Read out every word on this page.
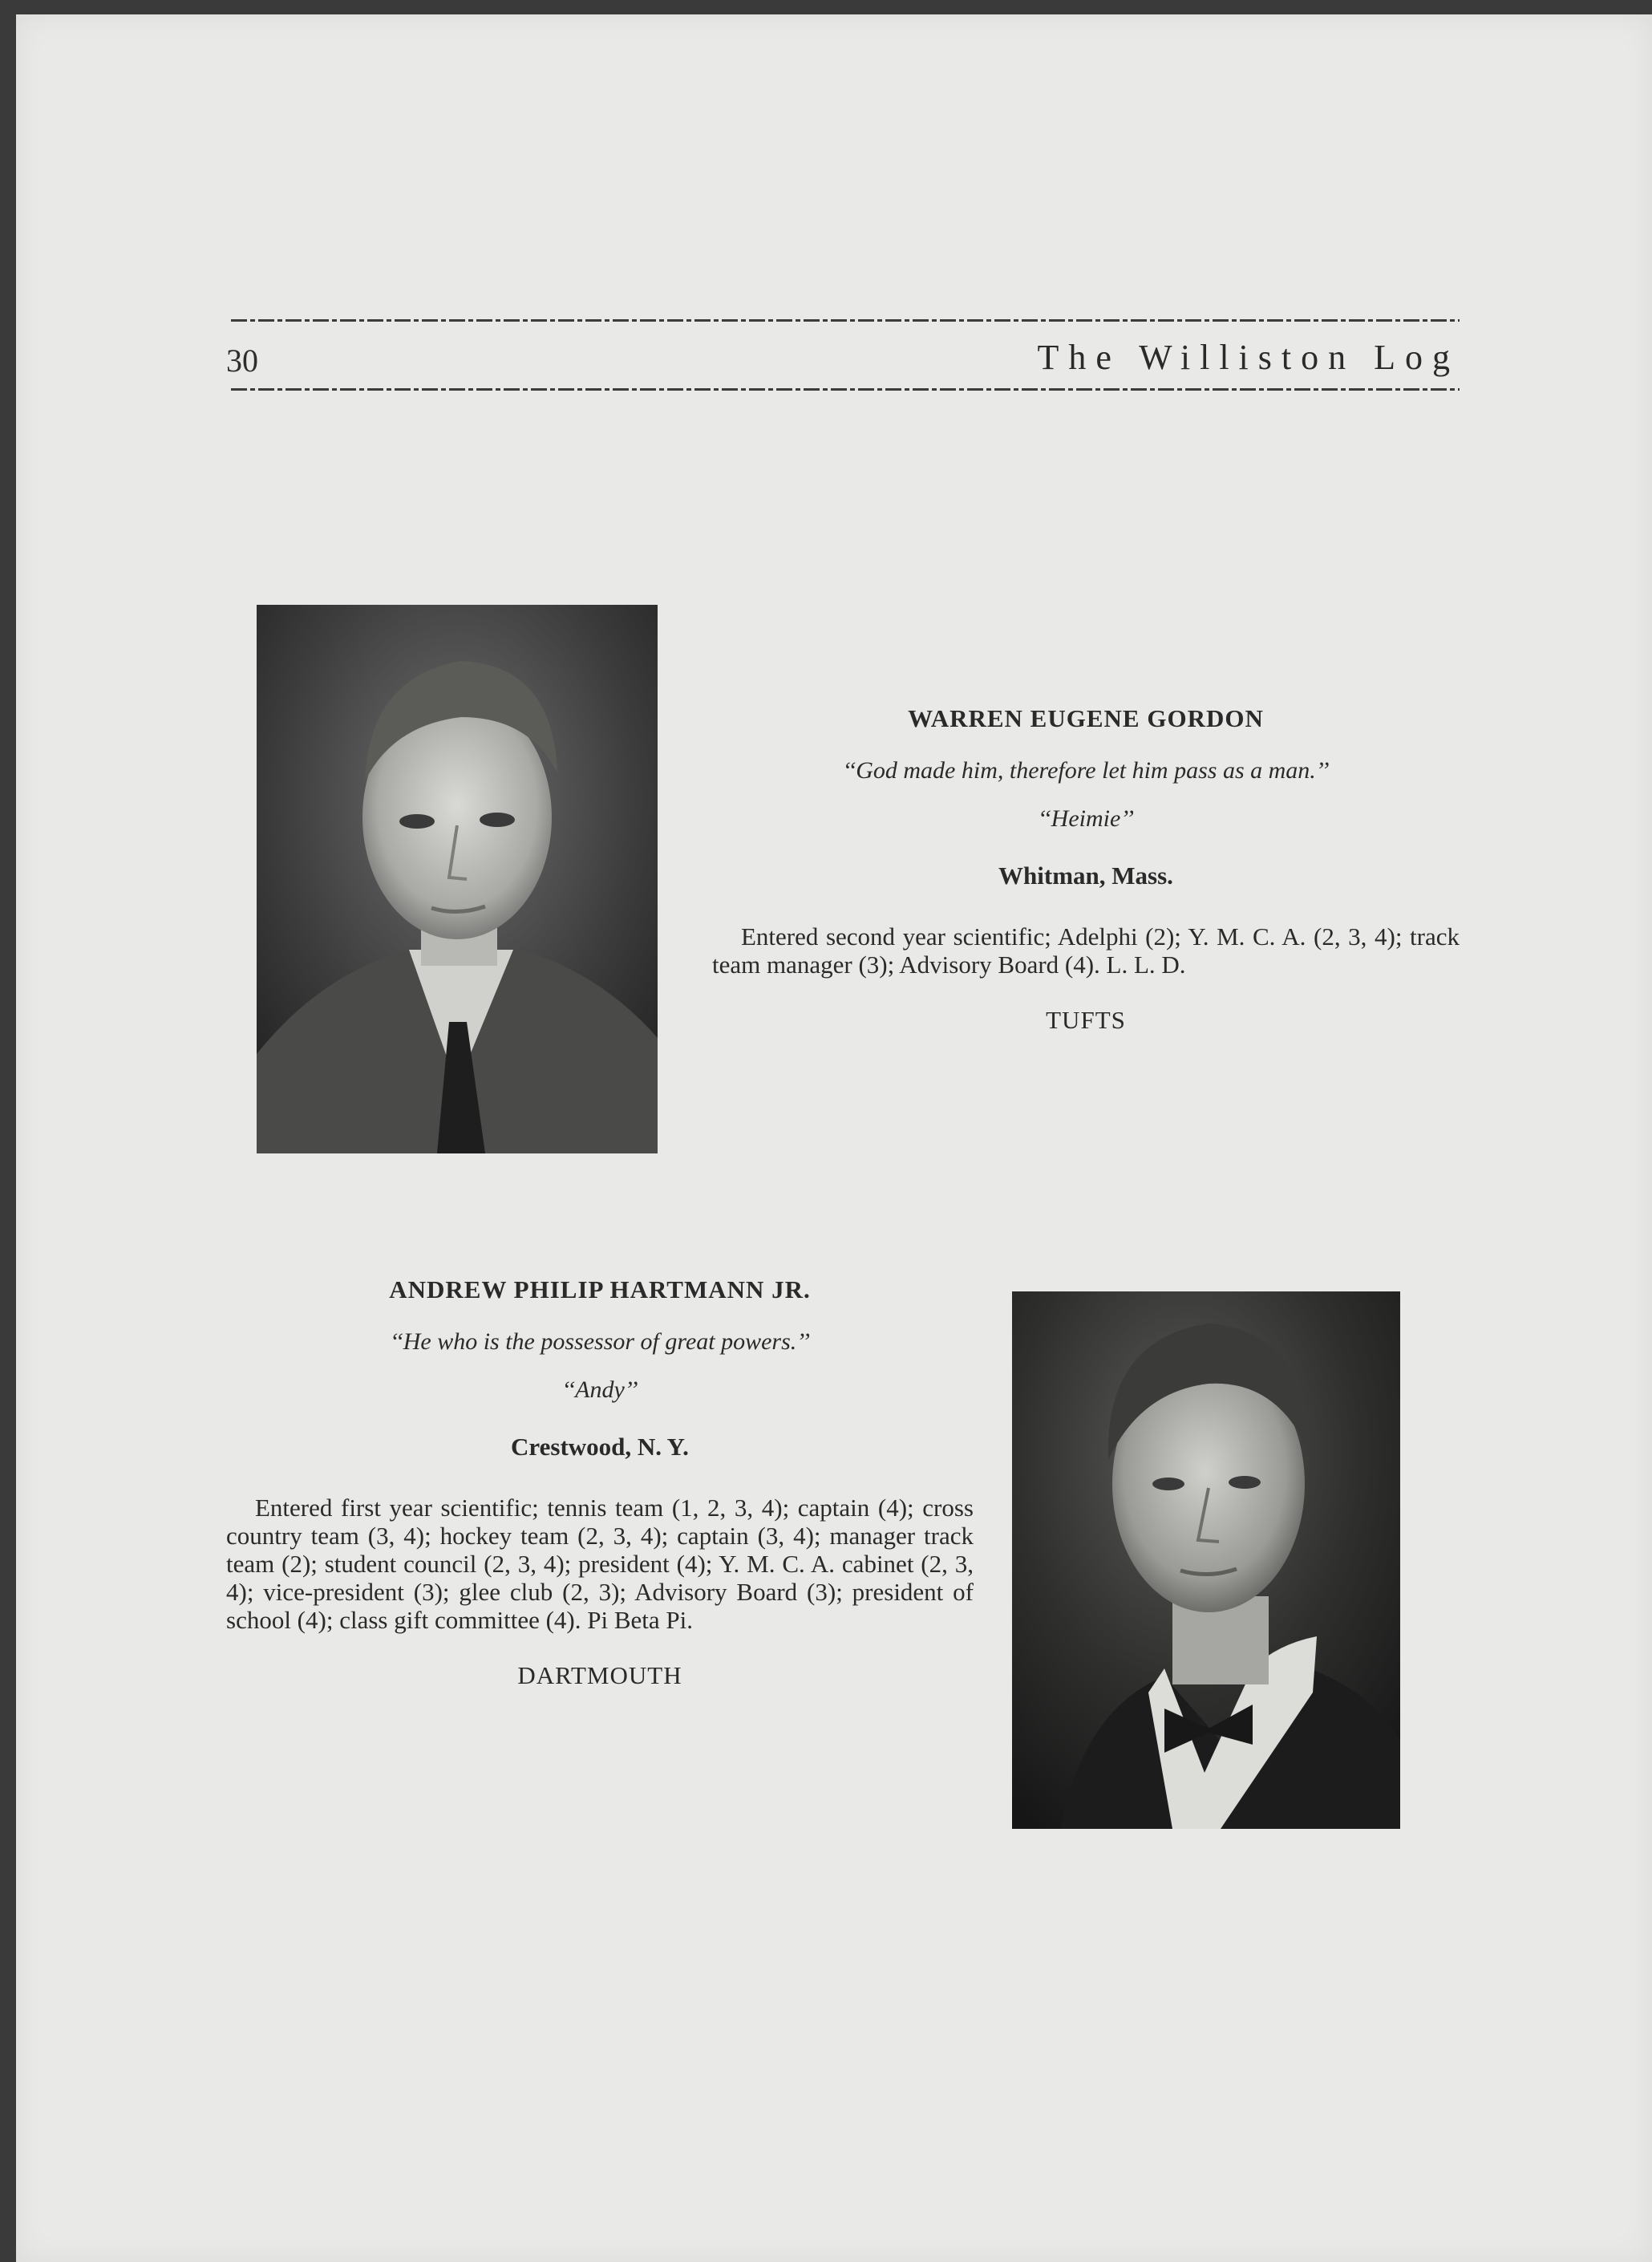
30	The Williston Log

WARREN EUGENE GORDON

‘‘God made him, therefore let him pass as a man.’’

‘‘Heimie’’

Whitman, Mass.

Entered second year scientific; Adelphi (2); Y. M. C. A. (2, 3, 4); track team manager (3); Advisory Board (4). L. L. D.

TUFTS

ANDREW PHILIP HARTMANN JR.

‘‘He who is the possessor of great powers.’’

‘‘Andy’’

Crestwood, N. Y.

Entered first year scientific; tennis team (1, 2, 3, 4); captain (4); cross country team (3, 4); hockey team (2, 3, 4); captain (3, 4); manager track team (2); student council (2, 3, 4); president (4); Y. M. C. A. cabinet (2, 3, 4); vice-president (3); glee club (2, 3); Advisory Board (3); president of school (4); class gift committee (4). Pi Beta Pi.

DARTMOUTH
